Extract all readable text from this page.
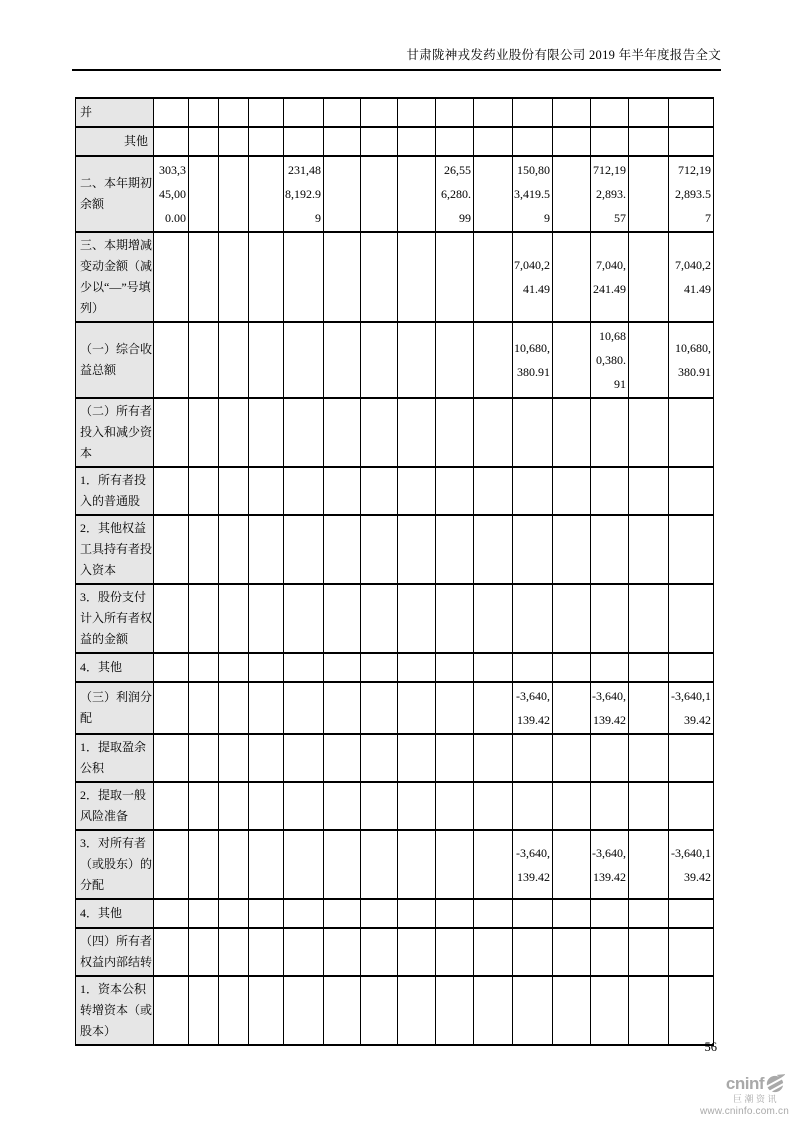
甘肃陇神戎发药业股份有限公司 2019 年半年度报告全文
并															
其他															
二、本年期初余额	303,345,000.00				231,488,192.99				26,556,280.99		150,803,419.59		712,192,893.57		712,192,893.57
三、本期增减变动金额（减少以“—”号填列）											7,040,241.49		7,040,241.49		7,040,241.49
（一）综合收益总额											10,680,380.91		10,680,380.91		10,680,380.91
（二）所有者投入和减少资本															
1．所有者投入的普通股															
2．其他权益工具持有者投入资本															
3．股份支付计入所有者权益的金额															
4．其他															
（三）利润分配											-3,640,139.42		-3,640,139.42		-3,640,139.42
1．提取盈余公积															
2．提取一般风险准备															
3．对所有者（或股东）的分配											-3,640,139.42		-3,640,139.42		-3,640,139.42
4．其他															
（四）所有者权益内部结转															
1．资本公积转增资本（或股本）															
56
cninf
巨潮资讯
www.cninfo.com.cn
